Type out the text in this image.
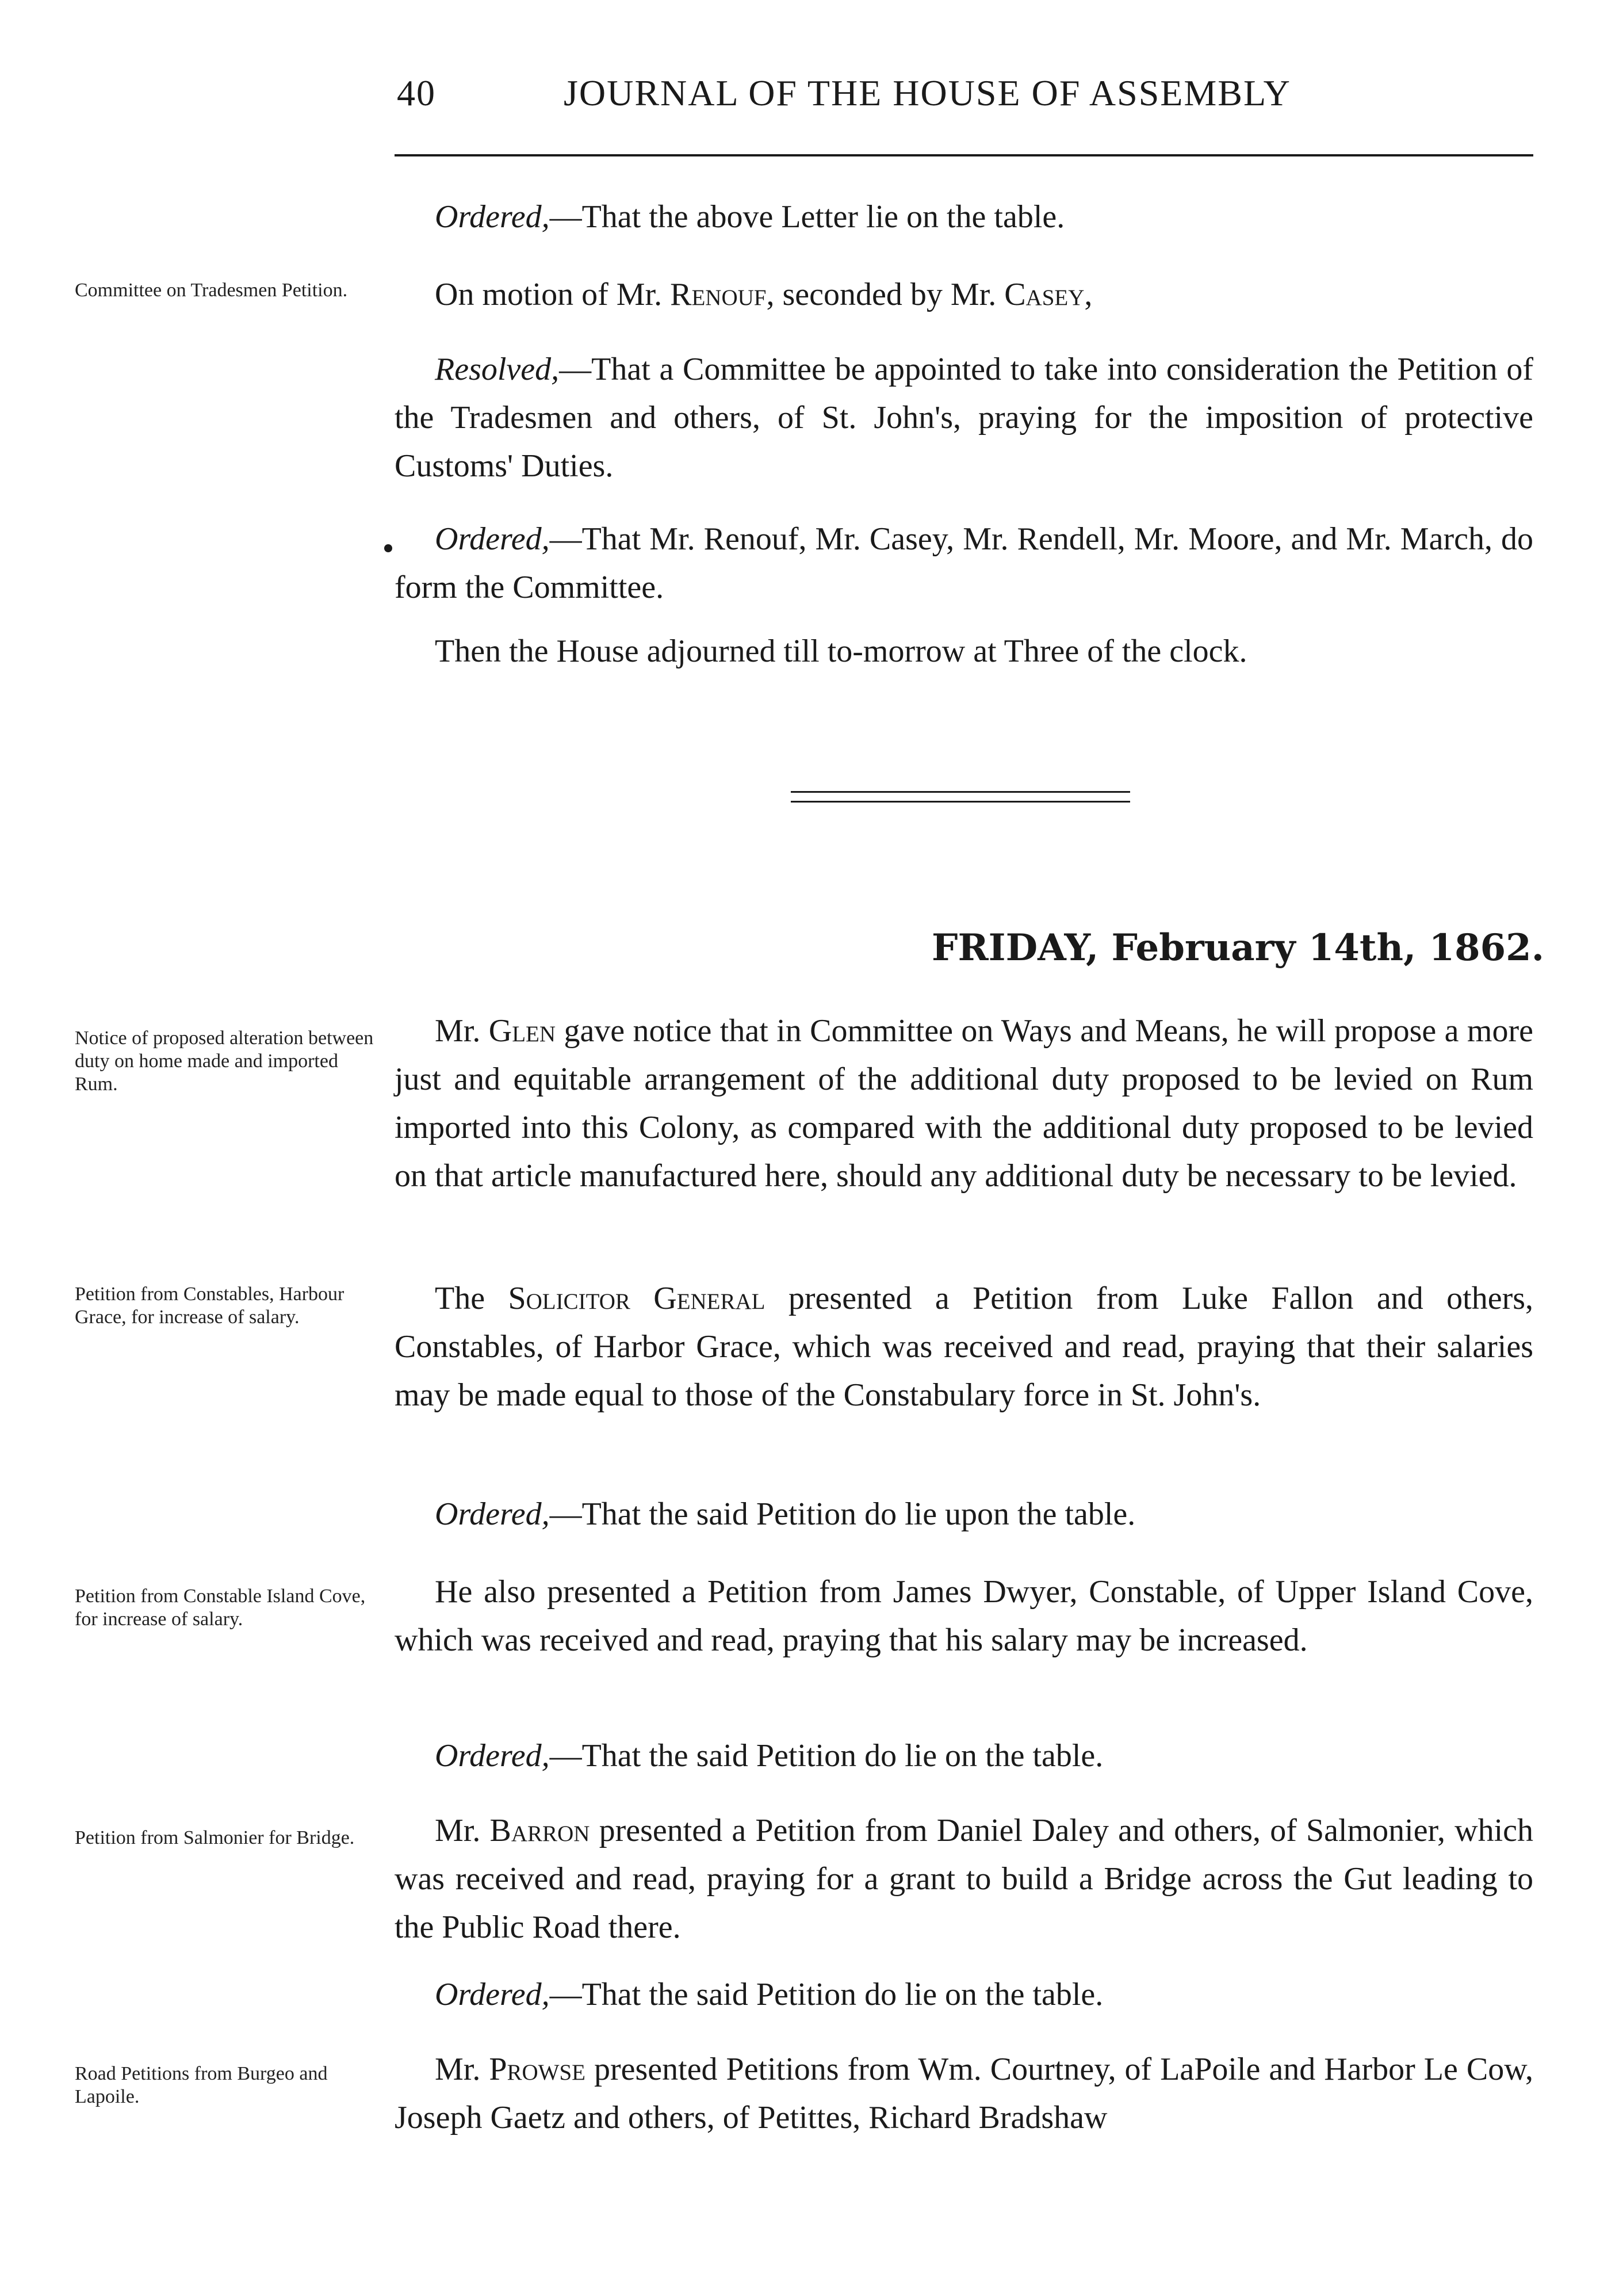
40	JOURNAL OF THE HOUSE OF ASSEMBLY

Ordered,—That the above Letter lie on the table.

Committee on Tradesmen Petition.	On motion of Mr. Renouf, seconded by Mr. Casey,

Resolved,—That a Committee be appointed to take into consideration the Petition of the Tradesmen and others, of St. John's, praying for the imposition of protective Customs' Duties.

Ordered,—That Mr. Renouf, Mr. Casey, Mr. Rendell, Mr. Moore, and Mr. March, do form the Committee.

Then the House adjourned till to-morrow at Three of the clock.

FRIDAY, February 14th, 1862.

Notice of proposed alteration between duty on home made and imported Rum.

Mr. Glen gave notice that in Committee on Ways and Means, he will propose a more just and equitable arrangement of the additional duty proposed to be levied on Rum imported into this Colony, as compared with the additional duty proposed to be levied on that article manufactured here, should any additional duty be necessary to be levied.

Petition from Constables, Harbour Grace, for increase of salary.

The Solicitor General presented a Petition from Luke Fallon and others, Constables, of Harbor Grace, which was received and read, praying that their salaries may be made equal to those of the Constabulary force in St. John's.

Ordered,—That the said Petition do lie upon the table.

Petition from Constable Island Cove, for increase of salary.

He also presented a Petition from James Dwyer, Constable, of Upper Island Cove, which was received and read, praying that his salary may be increased.

Ordered,—That the said Petition do lie on the table.

Petition from Salmonier for Bridge.	Mr. Barron presented a Petition from Daniel Daley and others, of Salmonier, which was received and read, praying for a grant to build a Bridge across the Gut leading to the Public Road there.

Ordered,—That the said Petition do lie on the table.

Road Petitions from Burgeo and Lapoile.

Mr. Prowse presented Petitions from Wm. Courtney, of LaPoile and Harbor Le Cow, Joseph Gaetz and others, of Petittes, Richard Bradshaw
